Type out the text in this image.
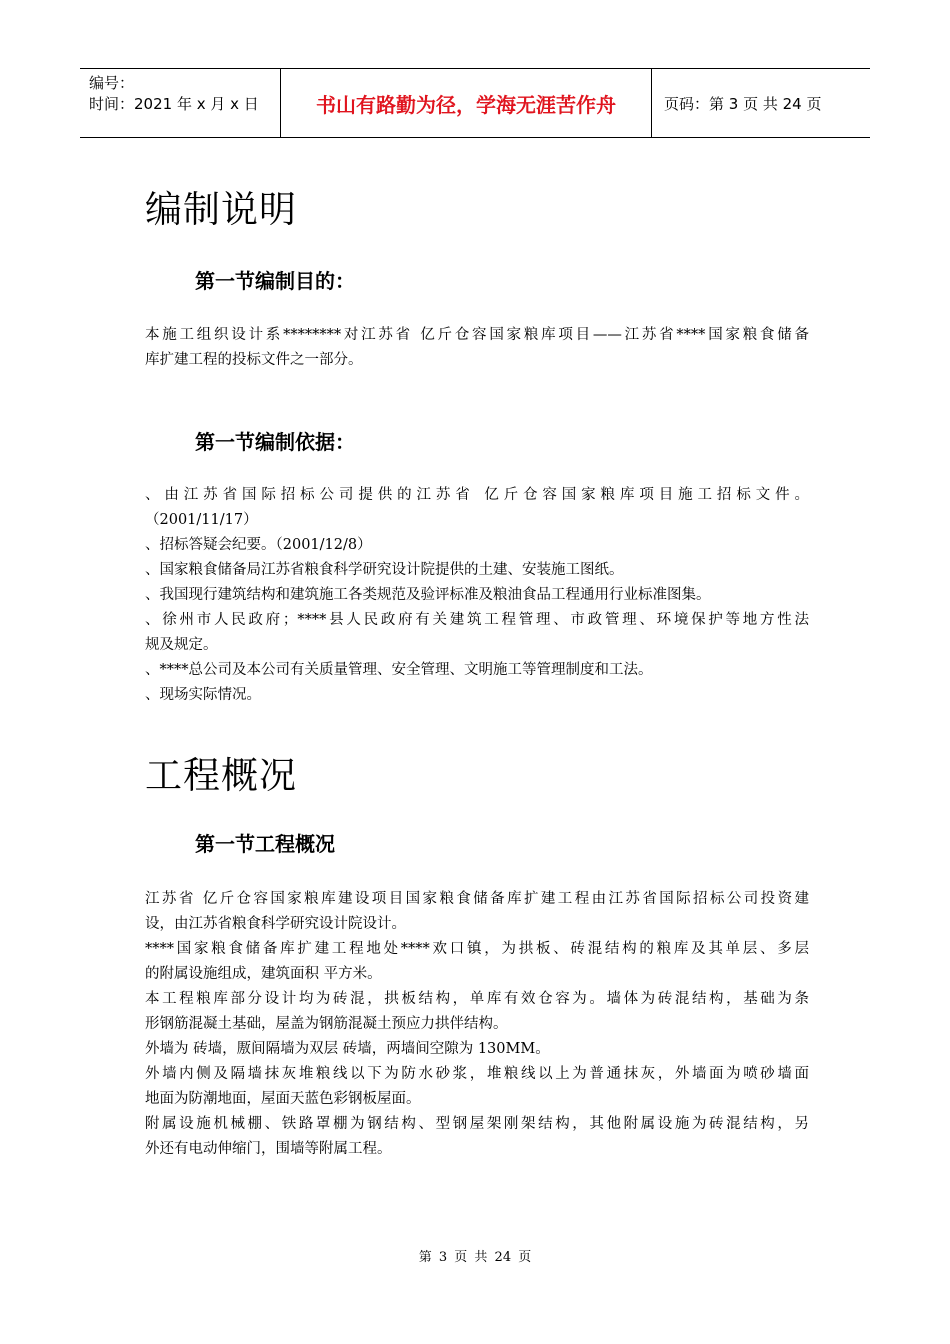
编号：
时间：2021 年 x 月 x 日	书山有路勤为径，学海无涯苦作舟	页码：第 3 页 共 24 页
编制说明
第一节编制目的：

本施工组织设计系********对江苏省 亿斤仓容国家粮库项目——江苏省****国家粮食储备

库扩建工程的投标文件之一部分。

第一节编制依据：

、由江苏省国际招标公司提供的江苏省 亿斤仓容国家粮库项目施工招标文件。

（2001/11/17）

、招标答疑会纪要。（2001/12/8）

、国家粮食储备局江苏省粮食科学研究设计院提供的土建、安装施工图纸。

、我国现行建筑结构和建筑施工各类规范及验评标准及粮油食品工程通用行业标准图集。

、徐州市人民政府；****县人民政府有关建筑工程管理、市政管理、环境保护等地方性法

规及规定。

、****总公司及本公司有关质量管理、安全管理、文明施工等管理制度和工法。

、现场实际情况。

工程概况
第一节工程概况

江苏省 亿斤仓容国家粮库建设项目国家粮食储备库扩建工程由江苏省国际招标公司投资建

设，由江苏省粮食科学研究设计院设计。

****国家粮食储备库扩建工程地处****欢口镇，为拱板、砖混结构的粮库及其单层、多层

的附属设施组成，建筑面积 平方米。

本工程粮库部分设计均为砖混，拱板结构，单库有效仓容为。墙体为砖混结构，基础为条

形钢筋混凝土基础，屋盖为钢筋混凝土预应力拱伴结构。

外墙为 砖墙，厫间隔墙为双层 砖墙，两墙间空隙为 130MM。

外墙内侧及隔墙抹灰堆粮线以下为防水砂浆，堆粮线以上为普通抹灰，外墙面为喷砂墙面

地面为防潮地面，屋面天蓝色彩钢板屋面。

附属设施机械棚、铁路罩棚为钢结构、型钢屋架刚架结构，其他附属设施为砖混结构，另

外还有电动伸缩门，围墙等附属工程。

第 3 页 共 24 页
